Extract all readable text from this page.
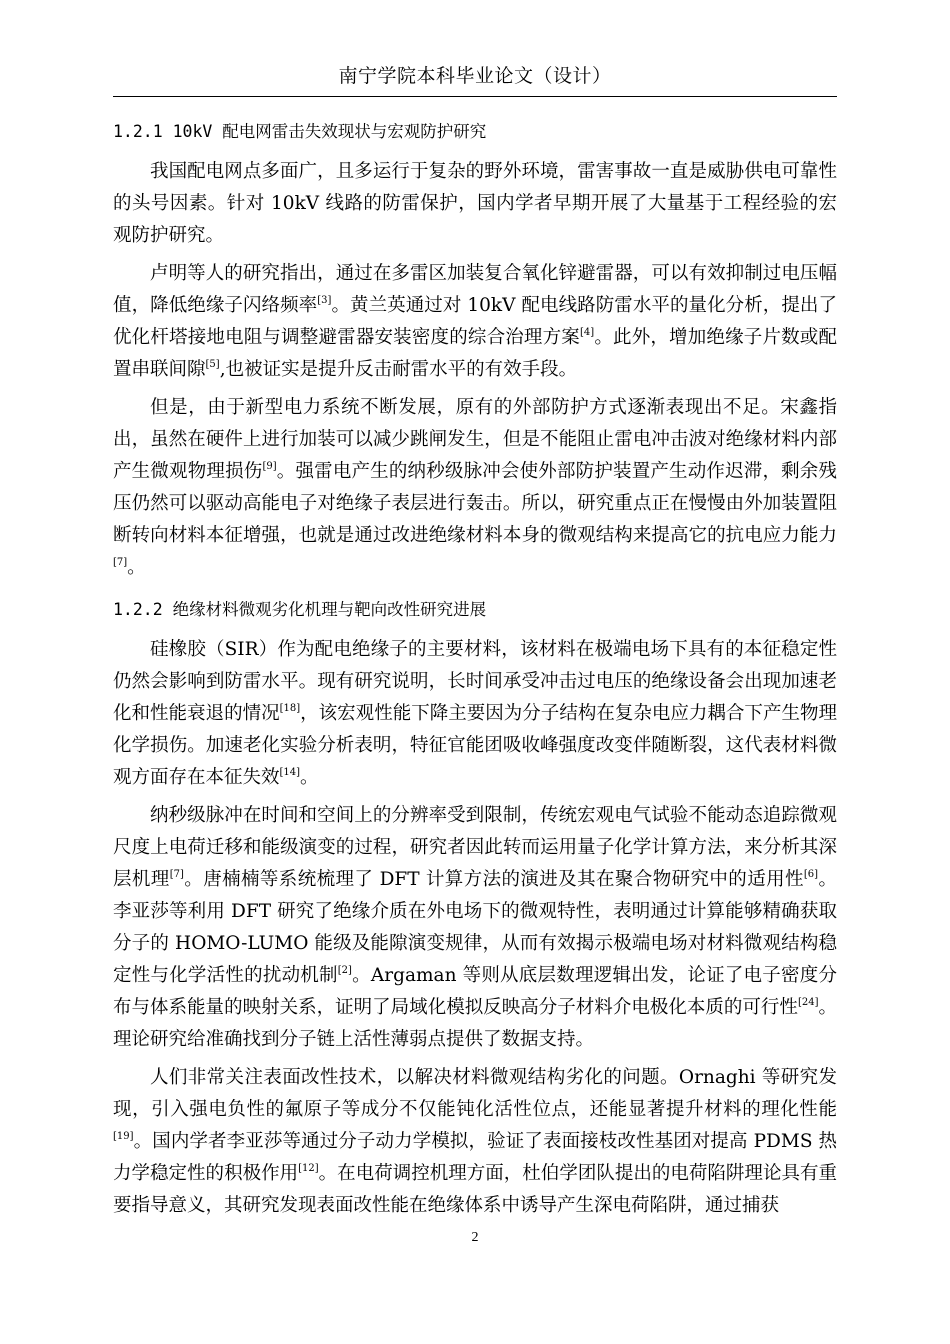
南宁学院本科毕业论文（设计）

1.2.1 10kV 配电网雷击失效现状与宏观防护研究

我国配电网点多面广，且多运行于复杂的野外环境，雷害事故一直是威胁供电可靠性的头号因素。针对 10kV 线路的防雷保护，国内学者早期开展了大量基于工程经验的宏观防护研究。

卢明等人的研究指出，通过在多雷区加装复合氧化锌避雷器，可以有效抑制过电压幅值，降低绝缘子闪络频率[3]。黄兰英通过对 10kV 配电线路防雷水平的量化分析，提出了优化杆塔接地电阻与调整避雷器安装密度的综合治理方案[4]。此外，增加绝缘子片数或配置串联间隙[5],也被证实是提升反击耐雷水平的有效手段。

但是，由于新型电力系统不断发展，原有的外部防护方式逐渐表现出不足。宋鑫指出，虽然在硬件上进行加装可以减少跳闸发生，但是不能阻止雷电冲击波对绝缘材料内部产生微观物理损伤[9]。强雷电产生的纳秒级脉冲会使外部防护装置产生动作迟滞，剩余残压仍然可以驱动高能电子对绝缘子表层进行轰击。所以，研究重点正在慢慢由外加装置阻断转向材料本征增强，也就是通过改进绝缘材料本身的微观结构来提高它的抗电应力能力[7]。

1.2.2 绝缘材料微观劣化机理与靶向改性研究进展

硅橡胶（SIR）作为配电绝缘子的主要材料，该材料在极端电场下具有的本征稳定性仍然会影响到防雷水平。现有研究说明，长时间承受冲击过电压的绝缘设备会出现加速老化和性能衰退的情况[18]，该宏观性能下降主要因为分子结构在复杂电应力耦合下产生物理化学损伤。加速老化实验分析表明，特征官能团吸收峰强度改变伴随断裂，这代表材料微观方面存在本征失效[14]。

纳秒级脉冲在时间和空间上的分辨率受到限制，传统宏观电气试验不能动态追踪微观尺度上电荷迁移和能级演变的过程，研究者因此转而运用量子化学计算方法，来分析其深层机理[7]。唐楠楠等系统梳理了 DFT 计算方法的演进及其在聚合物研究中的适用性[6]。李亚莎等利用 DFT 研究了绝缘介质在外电场下的微观特性，表明通过计算能够精确获取分子的 HOMO-LUMO 能级及能隙演变规律，从而有效揭示极端电场对材料微观结构稳定性与化学活性的扰动机制[2]。Argaman 等则从底层数理逻辑出发，论证了电子密度分布与体系能量的映射关系，证明了局域化模拟反映高分子材料介电极化本质的可行性[24]。理论研究给准确找到分子链上活性薄弱点提供了数据支持。

人们非常关注表面改性技术，以解决材料微观结构劣化的问题。Ornaghi 等研究发现，引入强电负性的氟原子等成分不仅能钝化活性位点，还能显著提升材料的理化性能[19]。国内学者李亚莎等通过分子动力学模拟，验证了表面接枝改性基团对提高 PDMS 热力学稳定性的积极作用[12]。在电荷调控机理方面，杜伯学团队提出的电荷陷阱理论具有重要指导意义，其研究发现表面改性能在绝缘体系中诱导产生深电荷陷阱，通过捕获

2
